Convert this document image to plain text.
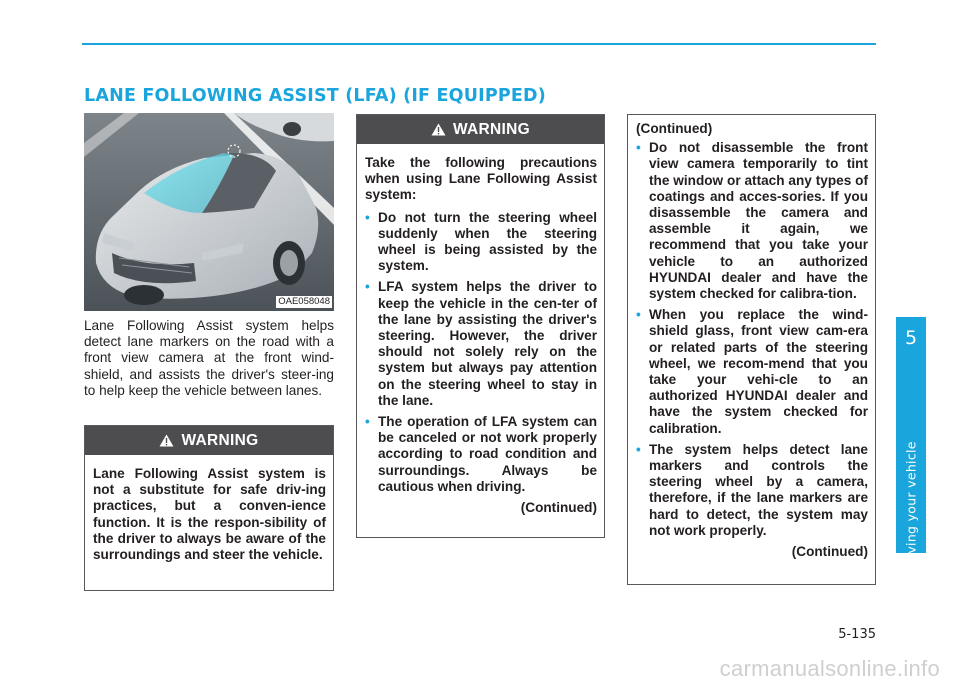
LANE FOLLOWING ASSIST (LFA) (IF EQUIPPED)
OAE058048

Lane Following Assist system helps detect lane markers on the road with a front view camera at the front wind-shield, and assists the driver's steer-ing to help keep the vehicle between lanes.

WARNING

Lane Following Assist system is not a substitute for safe driv-ing practices, but a conven-ience function. It is the respon-sibility of the driver to always be aware of the surroundings and steer the vehicle.

WARNING

Take the following precautions when using Lane Following Assist system:

• Do not turn the steering wheel suddenly when the steering wheel is being assisted by the system.
• LFA system helps the driver to keep the vehicle in the cen-ter of the lane by assisting the driver's steering. However, the driver should not solely rely on the system but always pay attention on the steering wheel to stay in the lane.
• The operation of LFA system can be canceled or not work properly according to road condition and surroundings. Always be cautious when driving.

(Continued)

(Continued)

• Do not disassemble the front view camera temporarily to tint the window or attach any types of coatings and acces-sories. If you disassemble the camera and assemble it again, we recommend that you take your vehicle to an authorized HYUNDAI dealer and have the system checked for calibra-tion.
• When you replace the wind-shield glass, front view cam-era or related parts of the steering wheel, we recom-mend that you take your vehi-cle to an authorized HYUNDAI dealer and have the system checked for calibration.
• The system helps detect lane markers and controls the steering wheel by a camera, therefore, if the lane markers are hard to detect, the system may not work properly.

(Continued)

5
Driving your vehicle
5-135
carmanualsonline.info
